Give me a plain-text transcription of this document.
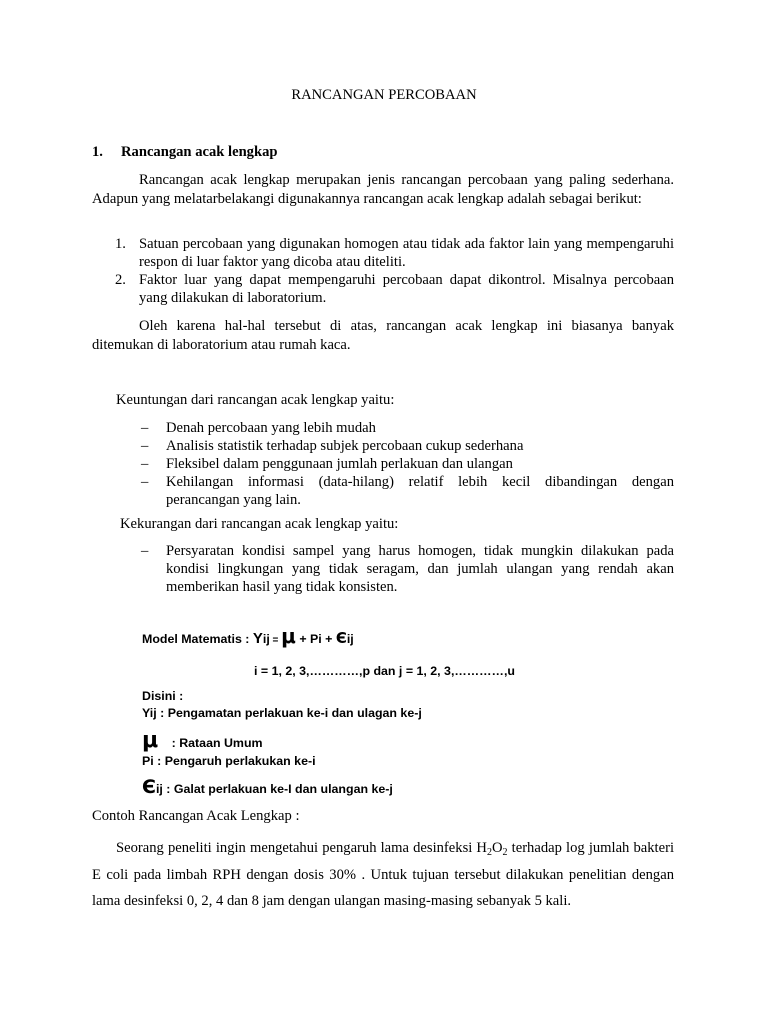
RANCANGAN PERCOBAAN
1. Rancangan acak lengkap
Rancangan acak lengkap merupakan jenis rancangan percobaan yang paling sederhana. Adapun yang melatarbelakangi digunakannya rancangan acak lengkap adalah sebagai berikut:
1. Satuan percobaan yang digunakan homogen atau tidak ada faktor lain yang mempengaruhi respon di luar faktor yang dicoba atau diteliti.
2. Faktor luar yang dapat mempengaruhi percobaan dapat dikontrol. Misalnya percobaan yang dilakukan di laboratorium.
Oleh karena hal-hal tersebut di atas, rancangan acak lengkap ini biasanya banyak ditemukan di laboratorium atau rumah kaca.
Keuntungan dari rancangan acak lengkap yaitu:
– Denah percobaan yang lebih mudah
– Analisis statistik terhadap subjek percobaan cukup sederhana
– Fleksibel dalam penggunaan jumlah perlakuan dan ulangan
– Kehilangan informasi (data-hilang) relatif lebih kecil dibandingan dengan perancangan yang lain.
Kekurangan dari rancangan acak lengkap yaitu:
– Persyaratan kondisi sampel yang harus homogen, tidak mungkin dilakukan pada kondisi lingkungan yang tidak seragam, dan jumlah ulangan yang rendah akan memberikan hasil yang tidak konsisten.
Model Matematis : Yij = μ + Pi + Єij
i = 1, 2, 3,…………,p dan j = 1, 2, 3,…………,u
Disini :
Yij : Pengamatan perlakuan ke-i dan ulagan ke-j
μ : Rataan Umum
Pi : Pengaruh perlakukan ke-i
Єij : Galat perlakuan ke-I dan ulangan ke-j
Contoh Rancangan Acak Lengkap :
Seorang peneliti ingin mengetahui pengaruh lama desinfeksi $H_2O_2$ terhadap log jumlah bakteri E coli pada limbah RPH dengan dosis 30% . Untuk tujuan tersebut dilakukan penelitian dengan lama desinfeksi 0, 2, 4 dan 8 jam dengan ulangan masing-masing sebanyak 5 kali.
